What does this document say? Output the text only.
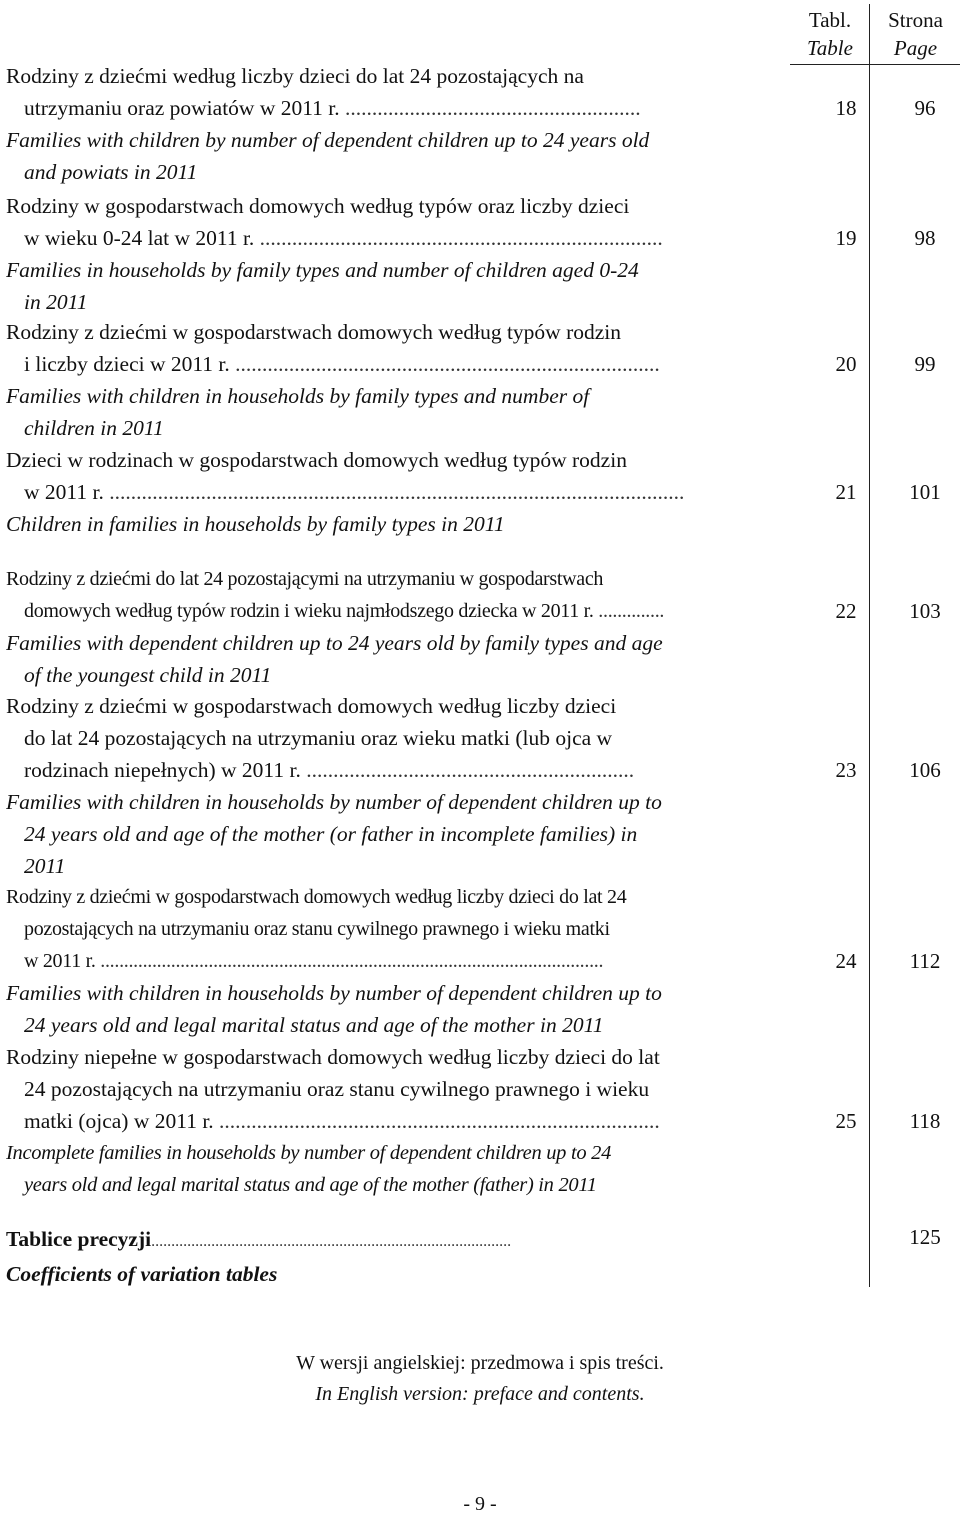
Tabl.
Table
Strona
Page
Rodziny z dziećmi według liczby dzieci do lat 24 pozostających na
utrzymaniu oraz powiatów w 2011 r. .......................................................
Families with children by number of dependent children up to 24 years old
and powiats in 2011
18	96
Rodziny w gospodarstwach domowych według typów oraz liczby dzieci
w wieku 0-24 lat w 2011 r. ...........................................................................
Families in households by family types and number of children aged 0-24
in 2011
19	98
Rodziny z dziećmi w gospodarstwach domowych według typów rodzin
i liczby dzieci w 2011 r. ...............................................................................
Families with children in households by family types and number of
children in 2011
20	99
Dzieci w rodzinach w gospodarstwach domowych według typów rodzin
w 2011 r. ...........................................................................................................
Children in families in households by family types in 2011
21	101
Rodziny z dziećmi do lat 24 pozostającymi na utrzymaniu w gospodarstwach
domowych według typów rodzin i wieku najmłodszego dziecka w 2011 r. ..............
Families with dependent children up to 24 years old by family types and age
of the youngest child in 2011
22	103
Rodziny z dziećmi w gospodarstwach domowych według liczby dzieci
do lat 24 pozostających na utrzymaniu oraz wieku matki (lub ojca w
rodzinach niepełnych) w 2011 r. .............................................................
Families with children in households by number of dependent children up to
24 years old and age of the mother (or father in incomplete families) in
2011
23	106
Rodziny z dziećmi w gospodarstwach domowych według liczby dzieci do lat 24
pozostających na utrzymaniu oraz stanu cywilnego prawnego i wieku matki
w 2011 r. ...........................................................................................................
Families with children in households by number of dependent children up to
24 years old and legal marital status and age of the mother in 2011
24	112
Rodziny niepełne w gospodarstwach domowych według liczby dzieci do lat
24 pozostających na utrzymaniu oraz stanu cywilnego prawnego i wieku
matki (ojca) w 2011 r. ..................................................................................
Incomplete families in households by number of dependent children up to 24
years old and legal marital status and age of the mother (father) in 2011
25	118
Tablice precyzji..........................................................................................
Coefficients of variation tables
125
W wersji angielskiej: przedmowa i spis treści.
In English version: preface and contents.
- 9 -
